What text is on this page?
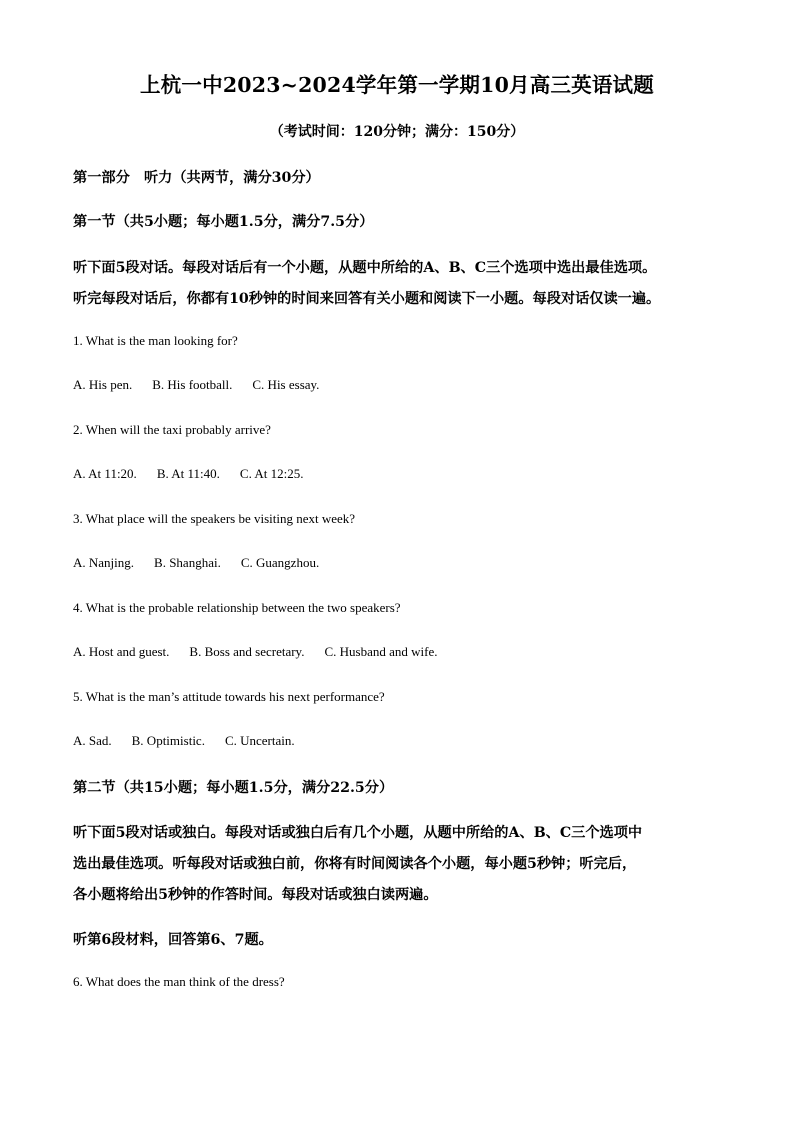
上杭一中2023~2024学年第一学期10月高三英语试题
（考试时间：120分钟；满分：150分）
第一部分　听力（共两节，满分30分）
第一节（共5小题；每小题1.5分，满分7.5分）
听下面5段对话。每段对话后有一个小题，从题中所给的A、B、C三个选项中选出最佳选项。
听完每段对话后，你都有10秒钟的时间来回答有关小题和阅读下一小题。每段对话仅读一遍。
1. What is the man looking for?
A. His pen. B. His football. C. His essay.
2. When will the taxi probably arrive?
A. At 11:20. B. At 11:40. C. At 12:25.
3. What place will the speakers be visiting next week?
A. Nanjing. B. Shanghai. C. Guangzhou.
4. What is the probable relationship between the two speakers?
A. Host and guest. B. Boss and secretary. C. Husband and wife.
5. What is the man’s attitude towards his next performance?
A. Sad. B. Optimistic. C. Uncertain.
第二节（共15小题；每小题1.5分，满分22.5分）
听下面5段对话或独白。每段对话或独白后有几个小题，从题中所给的A、B、C三个选项中
选出最佳选项。听每段对话或独白前，你将有时间阅读各个小题，每小题5秒钟；听完后，
各小题将给出5秒钟的作答时间。每段对话或独白读两遍。
听第6段材料，回答第6、7题。
6. What does the man think of the dress?
